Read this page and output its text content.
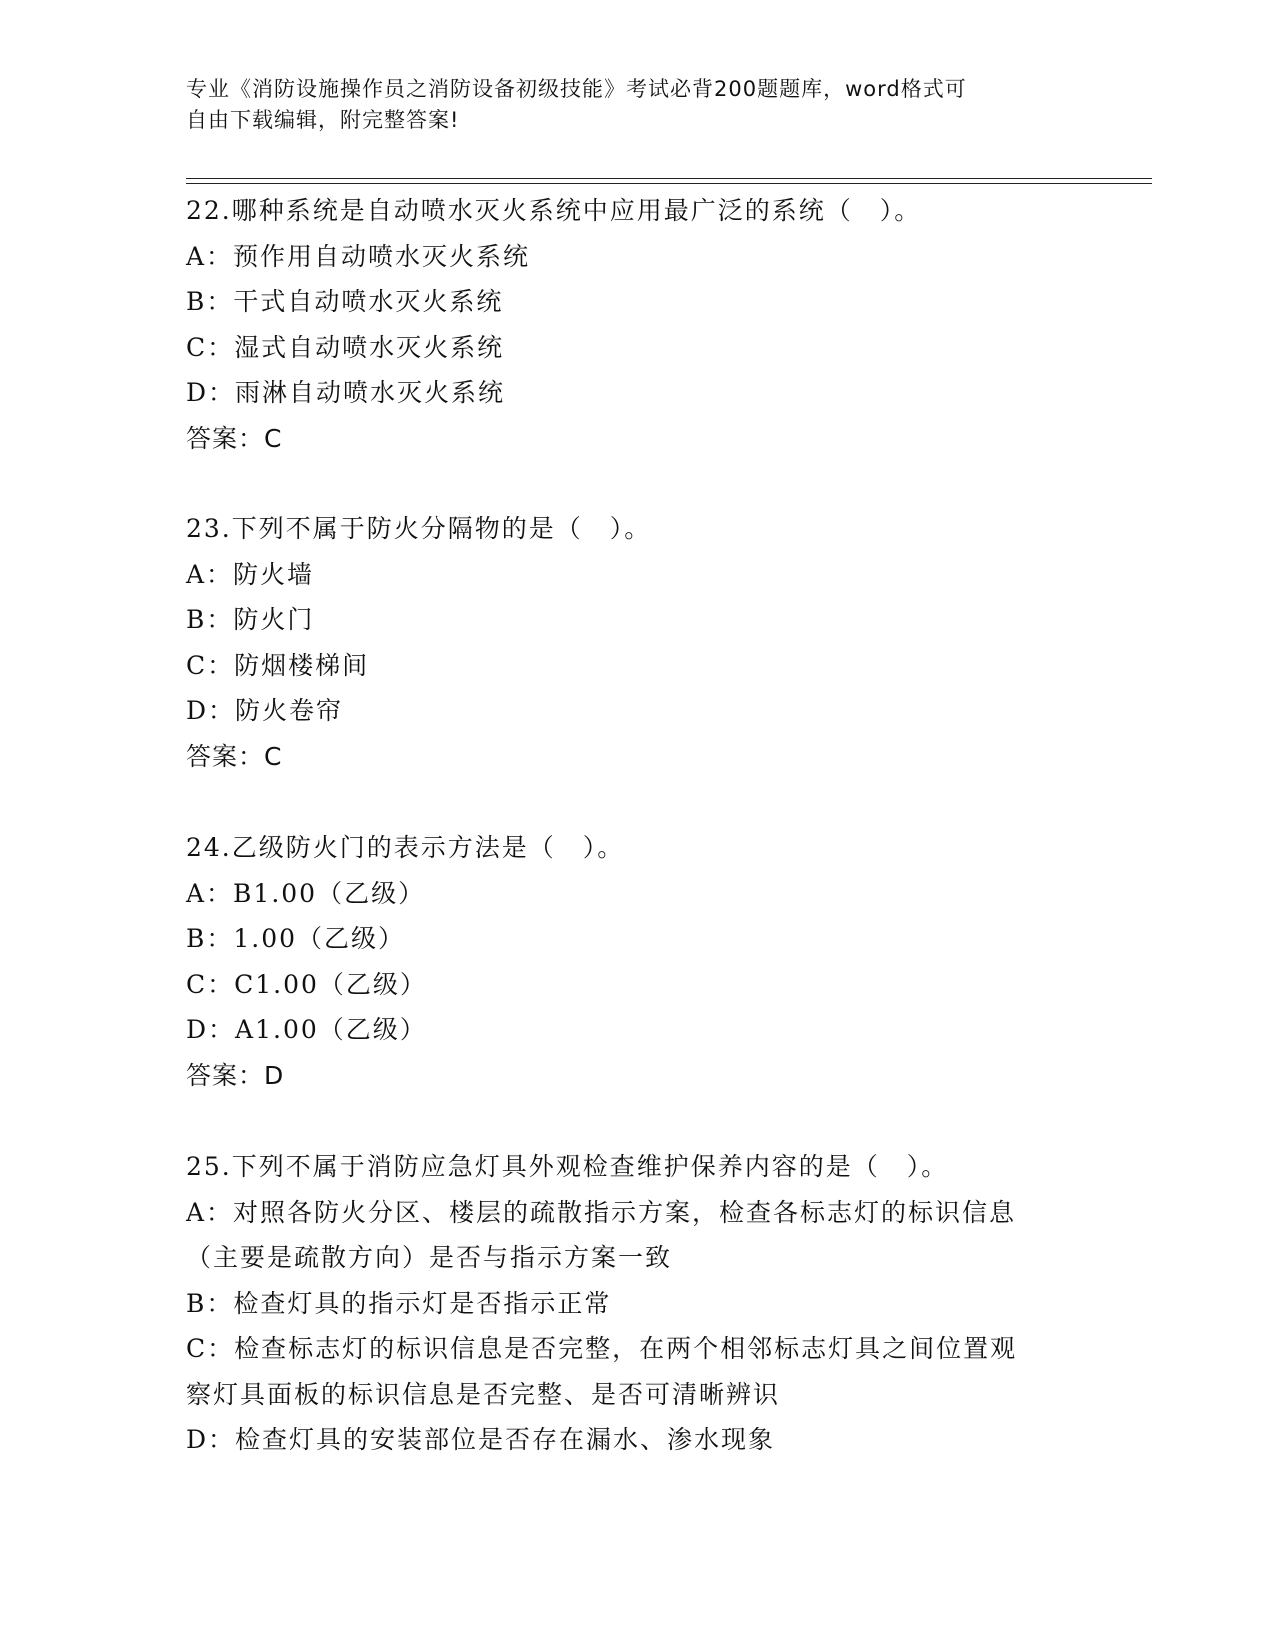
专业《消防设施操作员之消防设备初级技能》考试必背200题题库，word格式可
自由下载编辑，附完整答案!
22.哪种系统是自动喷水灭火系统中应用最广泛的系统（　）。
A：预作用自动喷水灭火系统
B：干式自动喷水灭火系统
C：湿式自动喷水灭火系统
D：雨淋自动喷水灭火系统
答案：C
23.下列不属于防火分隔物的是（　）。
A：防火墙
B：防火门
C：防烟楼梯间
D：防火卷帘
答案：C
24.乙级防火门的表示方法是（　）。
A：B1.00（乙级）
B：1.00（乙级）
C：C1.00（乙级）
D：A1.00（乙级）
答案：D
25.下列不属于消防应急灯具外观检查维护保养内容的是（　）。
A：对照各防火分区、楼层的疏散指示方案，检查各标志灯的标识信息
（主要是疏散方向）是否与指示方案一致
B：检查灯具的指示灯是否指示正常
C：检查标志灯的标识信息是否完整，在两个相邻标志灯具之间位置观
察灯具面板的标识信息是否完整、是否可清晰辨识
D：检查灯具的安装部位是否存在漏水、渗水现象
